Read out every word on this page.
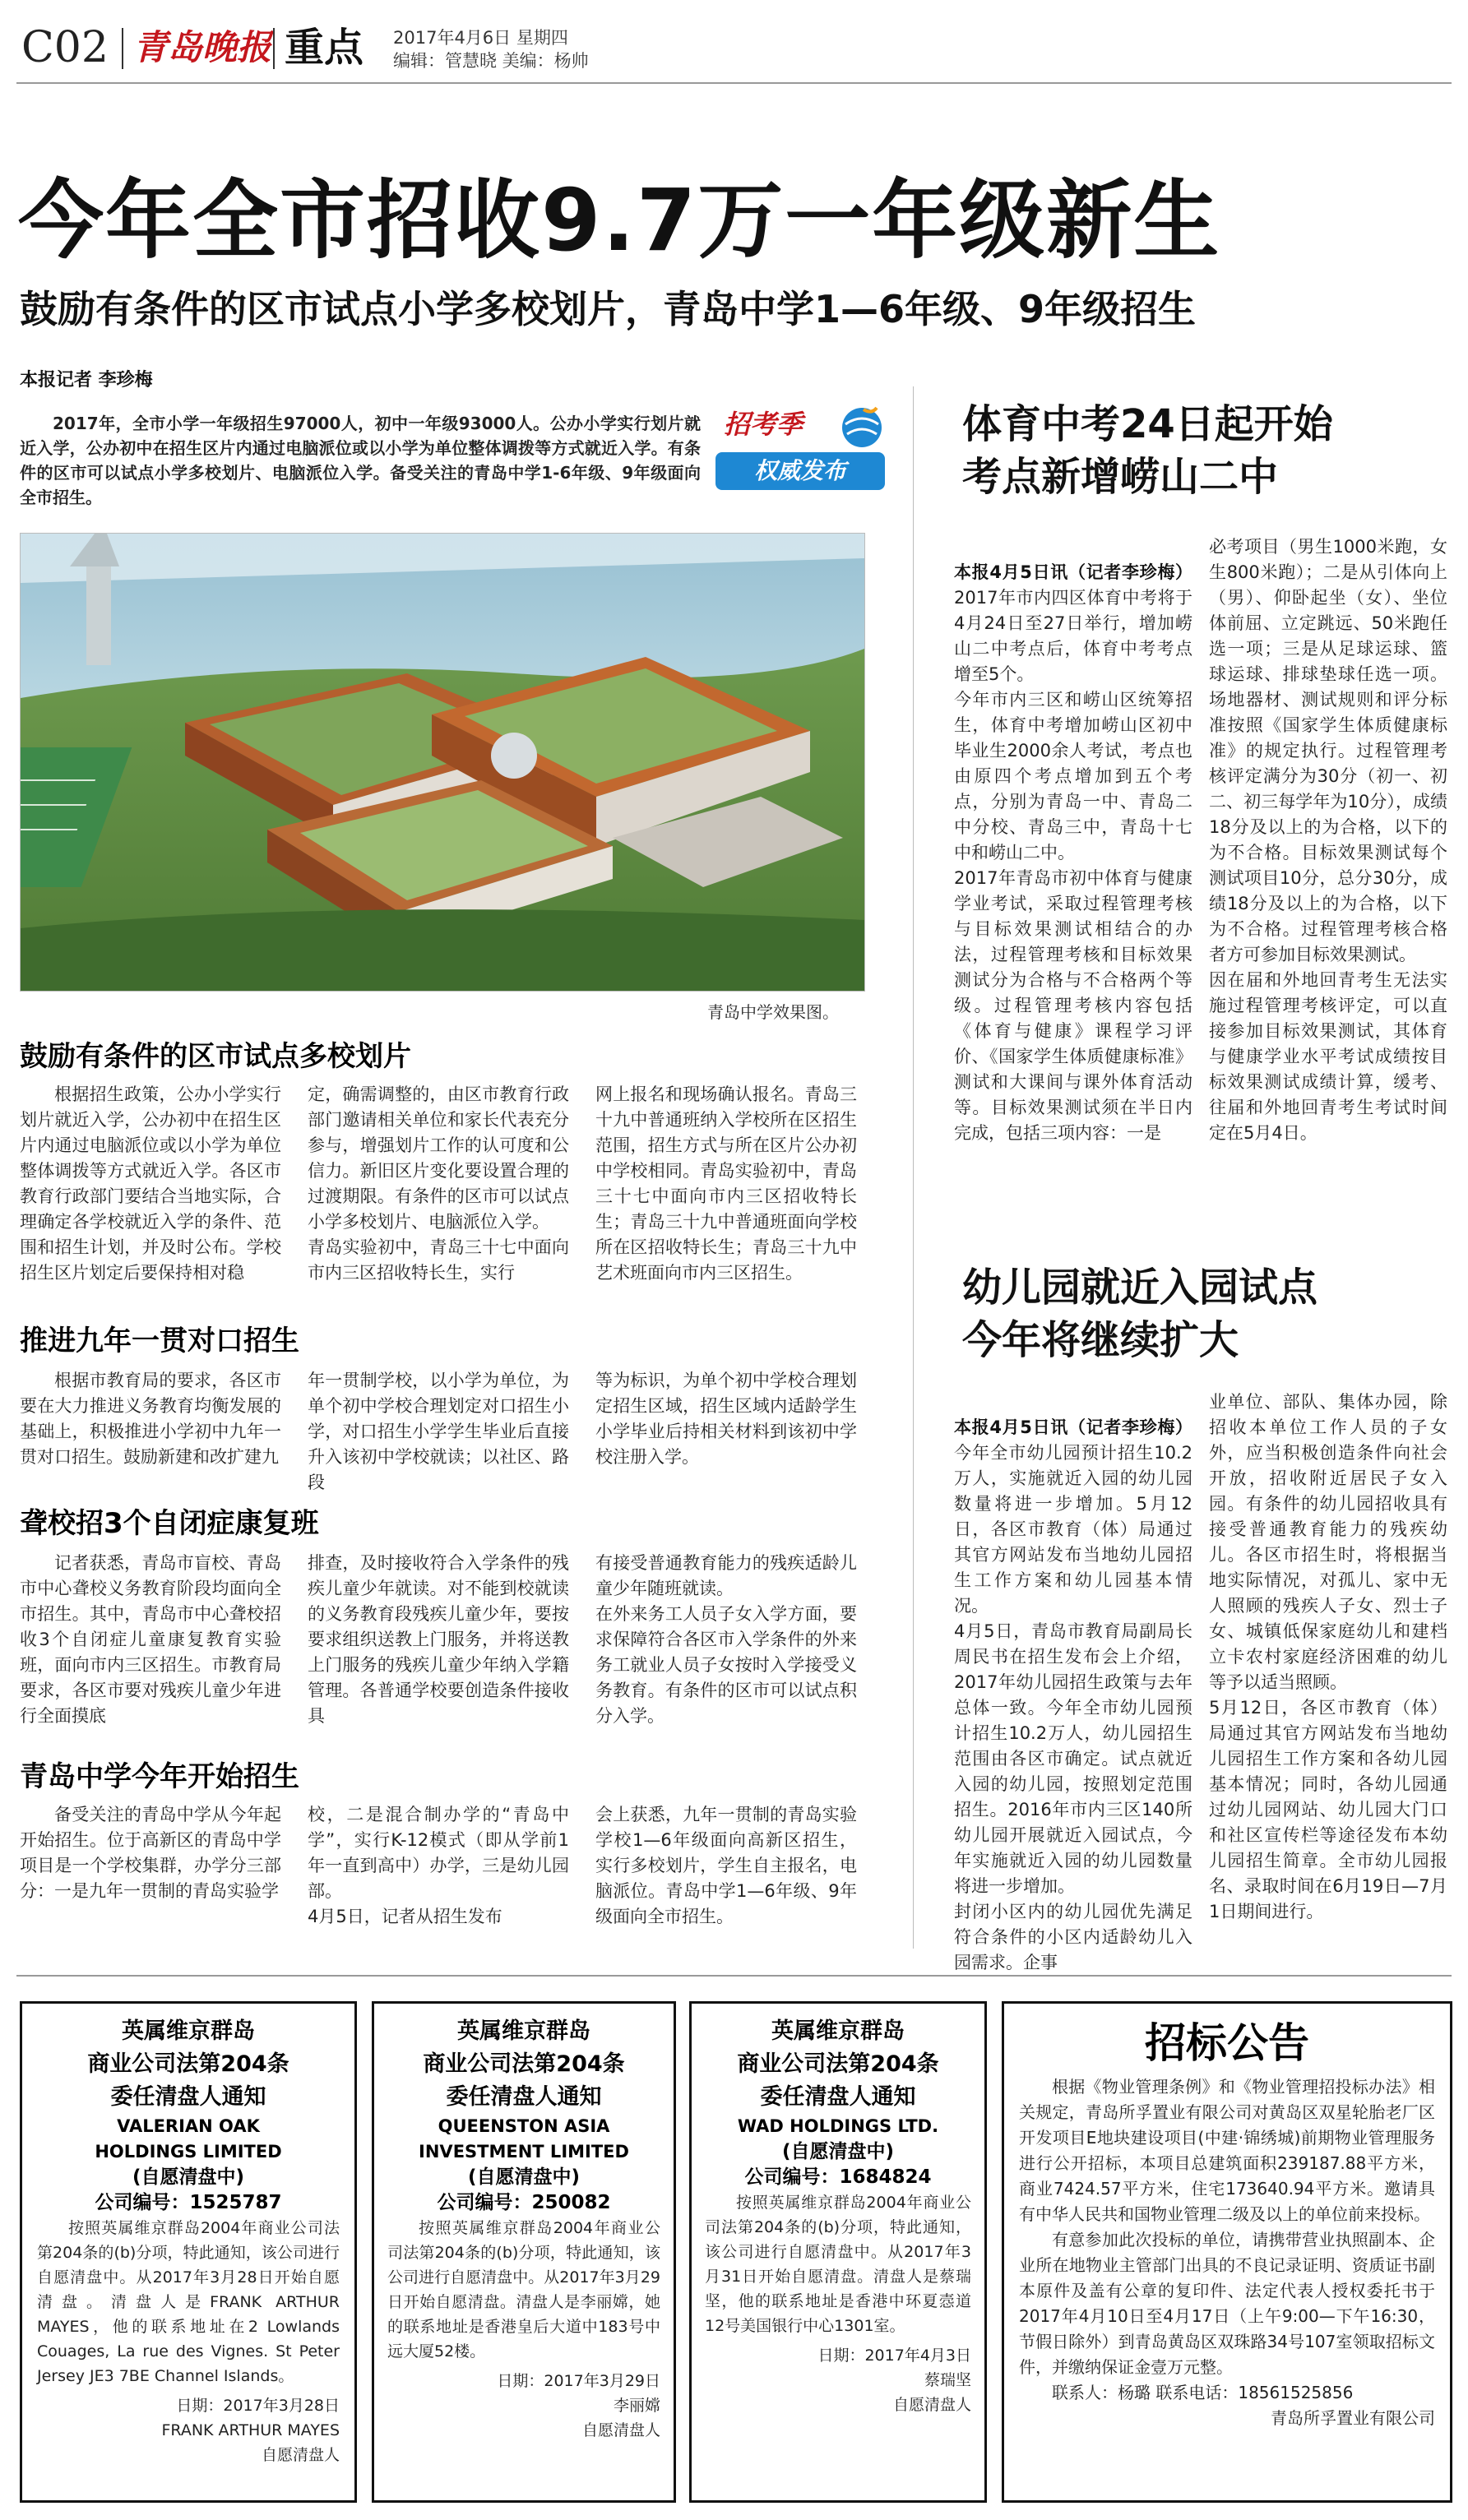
C02 青岛晚报 重点 2017年4月6日 星期四
编辑：管慧晓 美编：杨帅
今年全市招收9.7万一年级新生
鼓励有条件的区市试点小学多校划片，青岛中学1—6年级、9年级招生
本报记者 李珍梅
2017年，全市小学一年级招生97000人，初中一年级93000人。公办小学实行划片就近入学，公办初中在招生区片内通过电脑派位或以小学为单位整体调拨等方式就近入学。有条件的区市可以试点小学多校划片、电脑派位入学。备受关注的青岛中学1-6年级、9年级面向全市招生。
招考季
权威发布
青岛中学效果图。
鼓励有条件的区市试点多校划片
根据招生政策，公办小学实行划片就近入学，公办初中在招生区片内通过电脑派位或以小学为单位整体调拨等方式就近入学。各区市教育行政部门要结合当地实际，合理确定各学校就近入学的条件、范围和招生计划，并及时公布。学校招生区片划定后要保持相对稳
定，确需调整的，由区市教育行政部门邀请相关单位和家长代表充分参与，增强划片工作的认可度和公信力。新旧区片变化要设置合理的过渡期限。有条件的区市可以试点小学多校划片、电脑派位入学。
青岛实验初中，青岛三十七中面向市内三区招收特长生，实行
网上报名和现场确认报名。青岛三十九中普通班纳入学校所在区招生范围，招生方式与所在区片公办初中学校相同。青岛实验初中，青岛三十七中面向市内三区招收特长生；青岛三十九中普通班面向学校所在区招收特长生；青岛三十九中艺术班面向市内三区招生。
推进九年一贯对口招生
根据市教育局的要求，各区市要在大力推进义务教育均衡发展的基础上，积极推进小学初中九年一贯对口招生。鼓励新建和改扩建九
年一贯制学校，以小学为单位，为单个初中学校合理划定对口招生小学，对口招生小学学生毕业后直接升入该初中学校就读；以社区、路段
等为标识，为单个初中学校合理划定招生区域，招生区域内适龄学生小学毕业后持相关材料到该初中学校注册入学。
聋校招3个自闭症康复班
记者获悉，青岛市盲校、青岛市中心聋校义务教育阶段均面向全市招生。其中，青岛市中心聋校招收3个自闭症儿童康复教育实验班，面向市内三区招生。市教育局要求，各区市要对残疾儿童少年进行全面摸底
排查，及时接收符合入学条件的残疾儿童少年就读。对不能到校就读的义务教育段残疾儿童少年，要按要求组织送教上门服务，并将送教上门服务的残疾儿童少年纳入学籍管理。各普通学校要创造条件接收具
有接受普通教育能力的残疾适龄儿童少年随班就读。
在外来务工人员子女入学方面，要求保障符合各区市入学条件的外来务工就业人员子女按时入学接受义务教育。有条件的区市可以试点积分入学。
青岛中学今年开始招生
备受关注的青岛中学从今年起开始招生。位于高新区的青岛中学项目是一个学校集群，办学分三部分：一是九年一贯制的青岛实验学
校，二是混合制办学的“青岛中学”，实行K-12模式（即从学前1年一直到高中）办学，三是幼儿园部。
4月5日，记者从招生发布
会上获悉，九年一贯制的青岛实验学校1—6年级面向高新区招生，实行多校划片，学生自主报名，电脑派位。青岛中学1—6年级、9年级面向全市招生。
体育中考24日起开始
考点新增崂山二中

本报4月5日讯（记者李珍梅）2017年市内四区体育中考将于4月24日至27日举行，增加崂山二中考点后，体育中考考点增至5个。
今年市内三区和崂山区统筹招生，体育中考增加崂山区初中毕业生2000余人考试，考点也由原四个考点增加到五个考点，分别为青岛一中、青岛二中分校、青岛三中，青岛十七中和崂山二中。
2017年青岛市初中体育与健康学业考试，采取过程管理考核与目标效果测试相结合的办法，过程管理考核和目标效果测试分为合格与不合格两个等级。过程管理考核内容包括《体育与健康》课程学习评价、《国家学生体质健康标准》测试和大课间与课外体育活动等。目标效果测试须在半日内完成，包括三项内容：一是

必考项目（男生1000米跑，女生800米跑）；二是从引体向上（男）、仰卧起坐（女）、坐位体前屈、立定跳远、50米跑任选一项；三是从足球运球、篮球运球、排球垫球任选一项。场地器材、测试规则和评分标准按照《国家学生体质健康标准》的规定执行。过程管理考核评定满分为30分（初一、初二、初三每学年为10分），成绩18分及以上的为合格，以下的为不合格。目标效果测试每个测试项目10分，总分30分，成绩18分及以上的为合格，以下为不合格。过程管理考核合格者方可参加目标效果测试。
因在届和外地回青考生无法实施过程管理考核评定，可以直接参加目标效果测试，其体育与健康学业水平考试成绩按目标效果测试成绩计算，缓考、往届和外地回青考生考试时间定在5月4日。
幼儿园就近入园试点
今年将继续扩大

本报4月5日讯（记者李珍梅）今年全市幼儿园预计招生10.2万人，实施就近入园的幼儿园数量将进一步增加。5月12日，各区市教育（体）局通过其官方网站发布当地幼儿园招生工作方案和幼儿园基本情况。
4月5日，青岛市教育局副局长周民书在招生发布会上介绍，2017年幼儿园招生政策与去年总体一致。今年全市幼儿园预计招生10.2万人，幼儿园招生范围由各区市确定。试点就近入园的幼儿园，按照划定范围招生。2016年市内三区140所幼儿园开展就近入园试点，今年实施就近入园的幼儿园数量将进一步增加。
封闭小区内的幼儿园优先满足符合条件的小区内适龄幼儿入园需求。企事

业单位、部队、集体办园，除招收本单位工作人员的子女外，应当积极创造条件向社会开放，招收附近居民子女入园。有条件的幼儿园招收具有接受普通教育能力的残疾幼儿。各区市招生时，将根据当地实际情况，对孤儿、家中无人照顾的残疾人子女、烈士子女、城镇低保家庭幼儿和建档立卡农村家庭经济困难的幼儿等予以适当照顾。
5月12日，各区市教育（体）局通过其官方网站发布当地幼儿园招生工作方案和各幼儿园基本情况；同时，各幼儿园通过幼儿园网站、幼儿园大门口和社区宣传栏等途径发布本幼儿园招生简章。全市幼儿园报名、录取时间在6月19日—7月1日期间进行。
英属维京群岛
商业公司法第204条
委任清盘人通知
VALERIAN OAK
HOLDINGS LIMITED
(自愿清盘中)
公司编号：1525787
按照英属维京群岛2004年商业公司法第204条的(b)分项，特此通知，该公司进行自愿清盘中。从2017年3月28日开始自愿清盘。清盘人是FRANK ARTHUR MAYES，他的联系地址在2 Lowlands Couages, La rue des Vignes. St Peter Jersey JE3 7BE Channel Islands。
日期：2017年3月28日
FRANK ARTHUR MAYES
自愿清盘人
英属维京群岛
商业公司法第204条
委任清盘人通知
QUEENSTON ASIA
INVESTMENT LIMITED
(自愿清盘中)
公司编号：250082
按照英属维京群岛2004年商业公司法第204条的(b)分项，特此通知，该公司进行自愿清盘中。从2017年3月29日开始自愿清盘。清盘人是李丽嫦，她的联系地址是香港皇后大道中183号中远大厦52楼。
日期：2017年3月29日
李丽嫦
自愿清盘人
英属维京群岛
商业公司法第204条
委任清盘人通知
WAD HOLDINGS LTD.
(自愿清盘中)
公司编号：1684824
按照英属维京群岛2004年商业公司法第204条的(b)分项，特此通知，该公司进行自愿清盘中。从2017年3月31日开始自愿清盘。清盘人是蔡瑞坚，他的联系地址是香港中环夏悫道12号美国银行中心1301室。
日期：2017年4月3日
蔡瑞坚
自愿清盘人
招标公告
根据《物业管理条例》和《物业管理招投标办法》相关规定，青岛所孚置业有限公司对黄岛区双星轮胎老厂区开发项目E地块建设项目(中建·锦绣城)前期物业管理服务进行公开招标，本项目总建筑面积239187.88平方米，商业7424.57平方米，住宅173640.94平方米。邀请具有中华人民共和国物业管理二级及以上的单位前来投标。
有意参加此次投标的单位，请携带营业执照副本、企业所在地物业主管部门出具的不良记录证明、资质证书副本原件及盖有公章的复印件、法定代表人授权委托书于2017年4月10日至4月17日（上午9:00—下午16:30，节假日除外）到青岛黄岛区双珠路34号107室领取招标文件，并缴纳保证金壹万元整。
联系人：杨璐 联系电话：18561525856
青岛所孚置业有限公司
